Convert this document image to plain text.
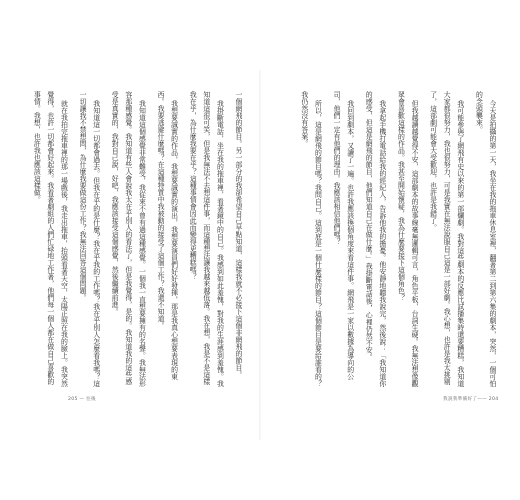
一個網飛的節目。另一部分的我卻希望自己早點知道，這樣我就不必接下這個非網飛的節目。

我掛斷電話，坐在我的拖車裡，看著鏡中的自己。我感到如此羞愧，對我的生涯感到羞愧。我知道這很可笑，但是我無法不去想這件事，而這種想法讓我越來越低落。我在想，我是不是這樣我在乎，為什麼我要在乎？這種事情會因此而變得更糟糕嗎？

我想要誠實的作品，我想要誠實的演出，我想要演員們好好發揮，那是我真心想要表現的東西。我要逃避什麼嗎？在這種特質中我被動的接受了這個工作？我還不知道。

我知道這個感覺非常難受，我從來不曾有過這種感覺。一個我一直想要擁有的名聲。我無法形容那種感覺。我知道有些人會說我太在乎別人的看法了，但是我覺得，是的。我知道我的這些感受是真實的，我對自己說，好吧，我應該接受這個感覺，然後繼續前進。

我知道這一切都會過去。但我在乎的是什麼？我在乎我的工作嗎？我在乎別人怎麼看我嗎？這一切讓我不禁想問，為什麼我要做這份工作？我無法回答這個問題。

就在我拍完拖車裡的那一場戲後，我走出拖車，抬頭看著天空，太陽正照在我的臉上。我突然覺得，也許一切都會好起來。我看著劇組的人們忙碌地工作著，他們每一個人都在做自己喜歡的事情。我想，也許我也應該這樣做。

205 — 往後

今天是拍攝的第一天，我坐在我的拖車休息室裡，翻著第二到第六集的劇本，突然，一個可怕的念頭襲來。

我可能參與了網飛有史以來的第一部爛劇。我對這些劇本的反應比試播集時還要糟糕，我知道大家都很努力，我也很努力，可是我實在無法說服自己這是一部好劇。我心想，也許是我太挑剔了，這部劇可能會大受歡迎，也許是我錯了。

但我越讀越覺得不安，這部劇本的故事線毫無邏輯可言，角色平板，台詞生硬。我無法想像觀眾會喜歡這樣的作品。我甚至開始懷疑，我為什麼要接下這個角色？

我拿起手機打電話給我的經紀人，告訴他我的擔憂。他安靜地聽我說完，然後說：「我知道你的感受，但這是網飛的節目，他們知道自己在做什麼。」我掛斷電話後，心裡仍然不安。

我回到劇本，又讀了一遍。也許我應該換個角度來看這件事。網飛是一家以數據為導向的公司，他們一定有他們的理由。我應該相信他們嗎？

所以，這是網飛的節目嗎？我問自己。這到底是一個什麼樣的節目？這個節目是要給誰看的？我仍然沒有答案。

我說我準備好了—— 204
